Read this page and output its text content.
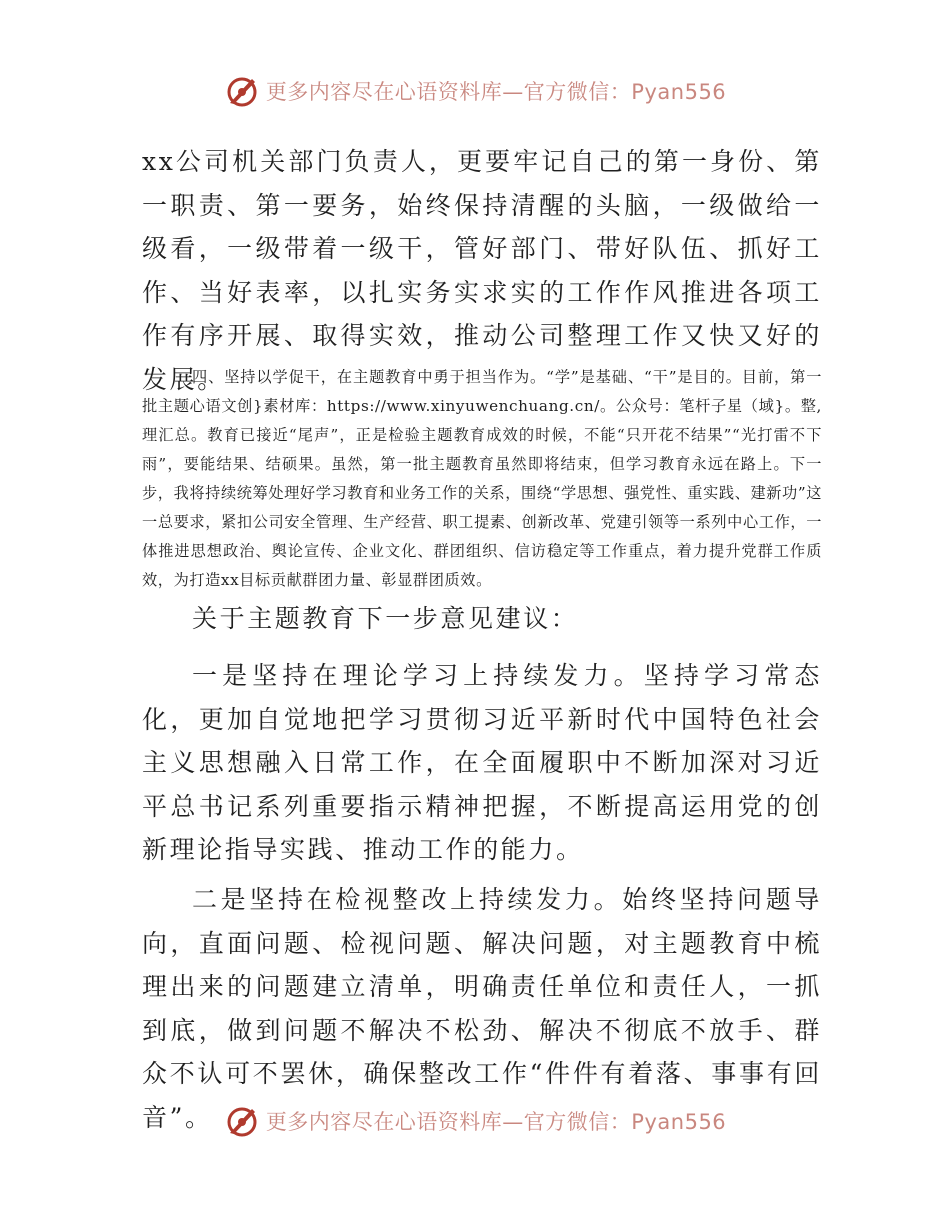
更多内容尽在心语资料库—官方微信：Pyan556

xx公司机关部门负责人，更要牢记自己的第一身份、第一职责、第一要务，始终保持清醒的头脑，一级做给一级看，一级带着一级干，管好部门、带好队伍、抓好工作、当好表率，以扎实务实求实的工作作风推进各项工作有序开展、取得实效，推动公司整理工作又快又好的发展。

四、坚持以学促干，在主题教育中勇于担当作为。“学”是基础、“干”是目的。目前，第一批主题心语文创}素材库：https://www.xinyuwenchuang.cn/。公众号：笔杆子星（域}。整,理汇总。教育已接近“尾声”，正是检验主题教育成效的时候，不能“只开花不结果”“光打雷不下雨”，要能结果、结硕果。虽然，第一批主题教育虽然即将结束，但学习教育永远在路上。下一步，我将持续统筹处理好学习教育和业务工作的关系，围绕“学思想、强党性、重实践、建新功”这一总要求，紧扣公司安全管理、生产经营、职工提素、创新改革、党建引领等一系列中心工作，一体推进思想政治、舆论宣传、企业文化、群团组织、信访稳定等工作重点，着力提升党群工作质效，为打造xx目标贡献群团力量、彰显群团质效。

关于主题教育下一步意见建议：

一是坚持在理论学习上持续发力。坚持学习常态化，更加自觉地把学习贯彻习近平新时代中国特色社会主义思想融入日常工作，在全面履职中不断加深对习近平总书记系列重要指示精神把握，不断提高运用党的创新理论指导实践、推动工作的能力。

二是坚持在检视整改上持续发力。始终坚持问题导向，直面问题、检视问题、解决问题，对主题教育中梳理出来的问题建立清单，明确责任单位和责任人，一抓到底，做到问题不解决不松劲、解决不彻底不放手、群众不认可不罢休，确保整改工作“件件有着落、事事有回音”。	更多内容尽在心语资料库—官方微信：Pyan556
